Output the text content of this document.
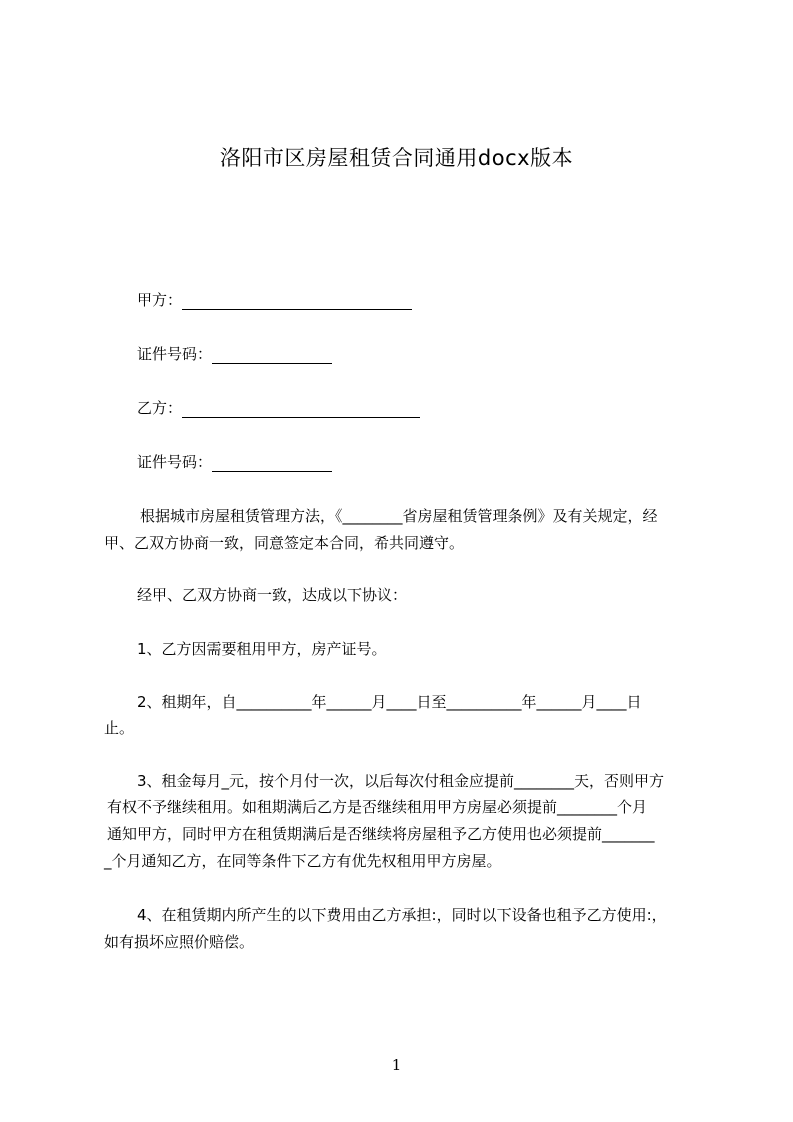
洛阳市区房屋租赁合同通用docx版本
甲方：
证件号码：
乙方：
证件号码：
根据城市房屋租赁管理方法，《________省房屋租赁管理条例》及有关规定，经
甲、乙双方协商一致，同意签定本合同，希共同遵守。
经甲、乙双方协商一致，达成以下协议：
1、乙方因需要租用甲方，房产证号。
2、租期年，自__________年______月____日至__________年______月____日
止。
3、租金每月_元，按个月付一次，以后每次付租金应提前________天，否则甲方
有权不予继续租用。如租期满后乙方是否继续租用甲方房屋必须提前________个月
通知甲方，同时甲方在租赁期满后是否继续将房屋租予乙方使用也必须提前_______
_个月通知乙方，在同等条件下乙方有优先权租用甲方房屋。
4、在租赁期内所产生的以下费用由乙方承担:，同时以下设备也租予乙方使用:，
如有损坏应照价赔偿。
1
